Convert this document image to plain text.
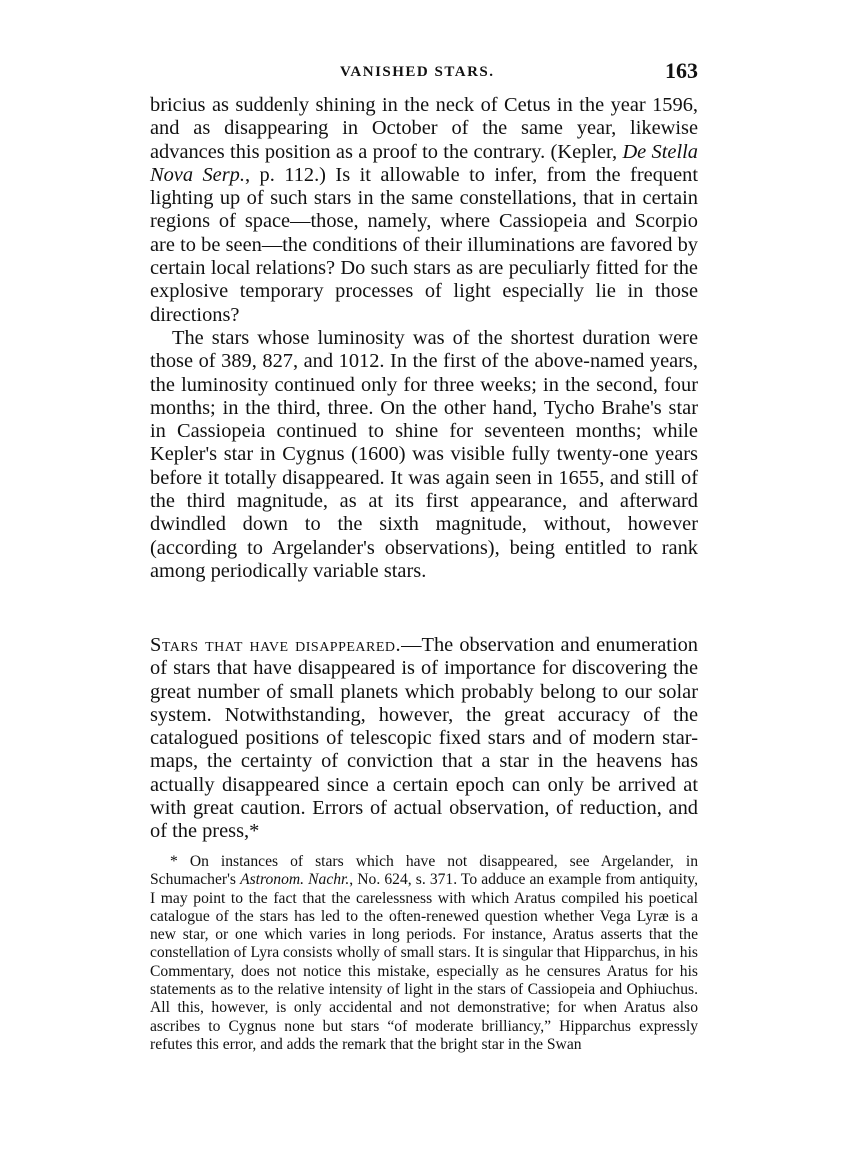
VANISHED STARS.	163

bricius as suddenly shining in the neck of Cetus in the year 1596, and as disappearing in October of the same year, likewise advances this position as a proof to the contrary. (Kepler, De Stella Nova Serp., p. 112.) Is it allowable to infer, from the frequent lighting up of such stars in the same constellations, that in certain regions of space—those, namely, where Cassiopeia and Scorpio are to be seen—the conditions of their illuminations are favored by certain local relations? Do such stars as are peculiarly fitted for the explosive temporary processes of light especially lie in those directions?

The stars whose luminosity was of the shortest duration were those of 389, 827, and 1012. In the first of the above-named years, the luminosity continued only for three weeks; in the second, four months; in the third, three. On the other hand, Tycho Brahe's star in Cassiopeia continued to shine for seventeen months; while Kepler's star in Cygnus (1600) was visible fully twenty-one years before it totally disappeared. It was again seen in 1655, and still of the third magnitude, as at its first appearance, and afterward dwindled down to the sixth magnitude, without, however (according to Argelander's observations), being entitled to rank among periodically variable stars.

Stars that have disappeared.—The observation and enumeration of stars that have disappeared is of importance for discovering the great number of small planets which probably belong to our solar system. Notwithstanding, however, the great accuracy of the catalogued positions of telescopic fixed stars and of modern star-maps, the certainty of conviction that a star in the heavens has actually disappeared since a certain epoch can only be arrived at with great caution. Errors of actual observation, of reduction, and of the press,*

* On instances of stars which have not disappeared, see Argelander, in Schumacher's Astronom. Nachr., No. 624, s. 371. To adduce an example from antiquity, I may point to the fact that the carelessness with which Aratus compiled his poetical catalogue of the stars has led to the often-renewed question whether Vega Lyræ is a new star, or one which varies in long periods. For instance, Aratus asserts that the constellation of Lyra consists wholly of small stars. It is singular that Hipparchus, in his Commentary, does not notice this mistake, especially as he censures Aratus for his statements as to the relative intensity of light in the stars of Cassiopeia and Ophiuchus. All this, however, is only accidental and not demonstrative; for when Aratus also ascribes to Cygnus none but stars “of moderate brilliancy,” Hipparchus expressly refutes this error, and adds the remark that the bright star in the Swan
